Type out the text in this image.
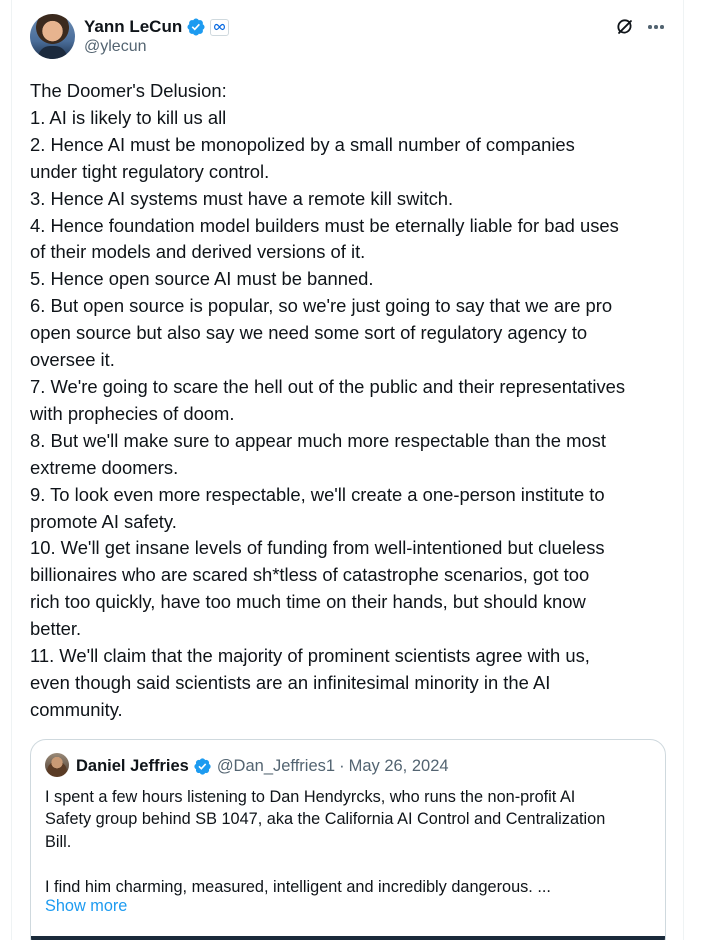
Yann LeCun
@ylecun
The Doomer's Delusion:
1. AI is likely to kill us all
2. Hence AI must be monopolized by a small number of companies
under tight regulatory control.
3. Hence AI systems must have a remote kill switch.
4. Hence foundation model builders must be eternally liable for bad uses
of their models and derived versions of it.
5. Hence open source AI must be banned.
6. But open source is popular, so we're just going to say that we are pro
open source but also say we need some sort of regulatory agency to
oversee it.
7. We're going to scare the hell out of the public and their representatives
with prophecies of doom.
8. But we'll make sure to appear much more respectable than the most
extreme doomers.
9. To look even more respectable, we'll create a one-person institute to
promote AI safety.
10. We'll get insane levels of funding from well-intentioned but clueless
billionaires who are scared sh*tless of catastrophe scenarios, got too
rich too quickly, have too much time on their hands, but should know
better.
11. We'll claim that the majority of prominent scientists agree with us,
even though said scientists are an infinitesimal minority in the AI
community.
Daniel Jeffries @Dan_Jeffries1 · May 26, 2024
I spent a few hours listening to Dan Hendyrcks, who runs the non-profit AI
Safety group behind SB 1047, aka the California AI Control and Centralization
Bill.
I find him charming, measured, intelligent and incredibly dangerous. ...
Show more
